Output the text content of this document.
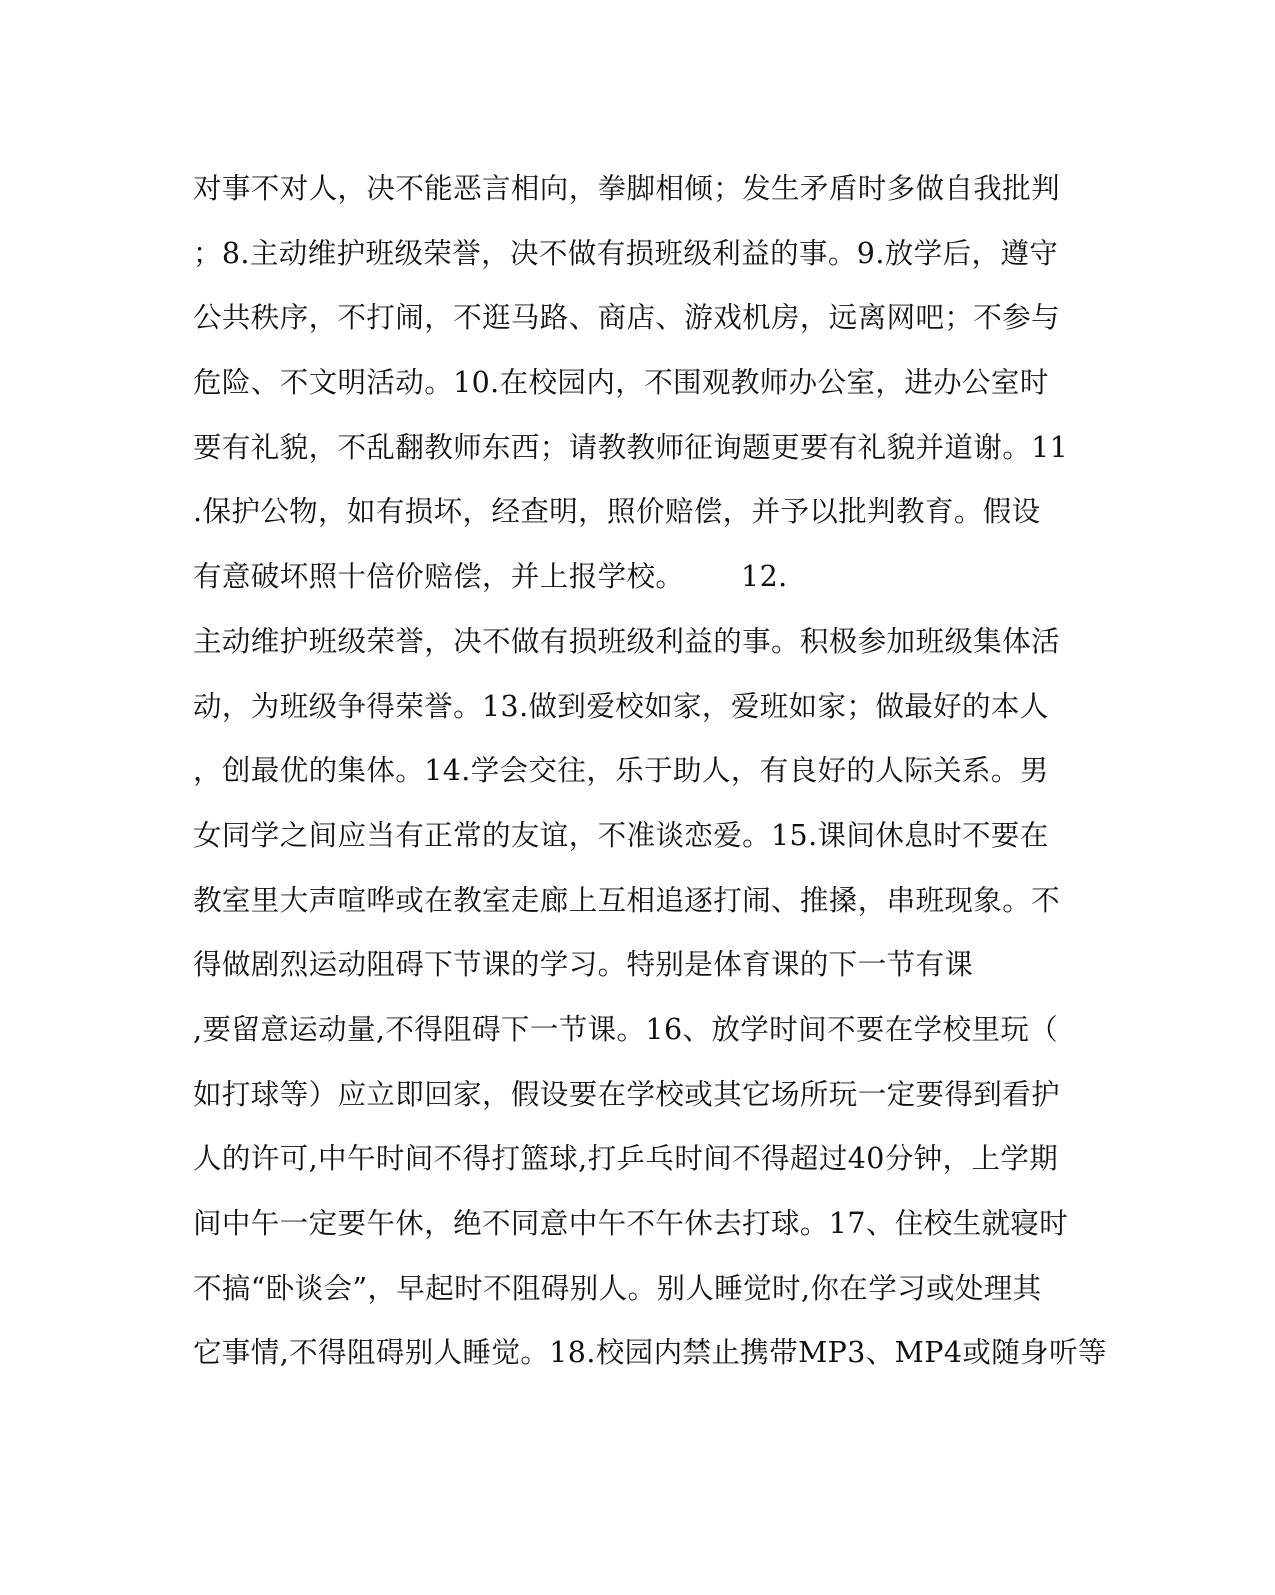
对事不对人，决不能恶言相向，拳脚相倾；发生矛盾时多做自我批判
；8.主动维护班级荣誉，决不做有损班级利益的事。9.放学后，遵守
公共秩序，不打闹，不逛马路、商店、游戏机房，远离网吧；不参与
危险、不文明活动。10.在校园内，不围观教师办公室，进办公室时
要有礼貌，不乱翻教师东西；请教教师征询题更要有礼貌并道谢。11
.保护公物，如有损坏，经查明，照价赔偿，并予以批判教育。假设
有意破坏照十倍价赔偿，并上报学校。      12.
主动维护班级荣誉，决不做有损班级利益的事。积极参加班级集体活
动，为班级争得荣誉。13.做到爱校如家，爱班如家；做最好的本人
，创最优的集体。14.学会交往，乐于助人，有良好的人际关系。男
女同学之间应当有正常的友谊，不准谈恋爱。15.课间休息时不要在
教室里大声喧哗或在教室走廊上互相追逐打闹、推搡，串班现象。不
得做剧烈运动阻碍下节课的学习。特别是体育课的下一节有课
,要留意运动量,不得阻碍下一节课。16、放学时间不要在学校里玩（
如打球等）应立即回家，假设要在学校或其它场所玩一定要得到看护
人的许可,中午时间不得打篮球,打乒乓时间不得超过40分钟，上学期
间中午一定要午休，绝不同意中午不午休去打球。17、住校生就寝时
不搞“卧谈会”，早起时不阻碍别人。别人睡觉时,你在学习或处理其
它事情,不得阻碍别人睡觉。18.校园内禁止携带MP3、MP4或随身听等
